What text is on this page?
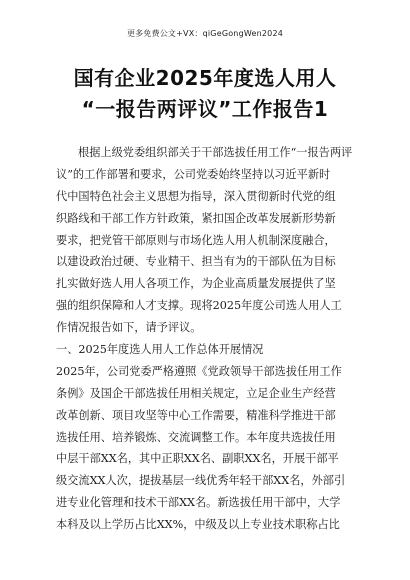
更多免费公文+VX：qiGeGongWen2024
国有企业2025年度选人用人
“一报告两评议”工作报告1
根据上级党委组织部关于干部选拔任用工作“一报告两评
议”的工作部署和要求，公司党委始终坚持以习近平新时
代中国特色社会主义思想为指导，深入贯彻新时代党的组
织路线和干部工作方针政策，紧扣国企改革发展新形势新
要求，把党管干部原则与市场化选人用人机制深度融合，
以建设政治过硬、专业精干、担当有为的干部队伍为目标
扎实做好选人用人各项工作，为企业高质量发展提供了坚
强的组织保障和人才支撑。现将2025年度公司选人用人工
作情况报告如下，请予评议。
一、2025年度选人用人工作总体开展情况
2025年，公司党委严格遵照《党政领导干部选拔任用工作
条例》及国企干部选拔任用相关规定，立足企业生产经营
改革创新、项目攻坚等中心工作需要，精准科学推进干部
选拔任用、培养锻炼、交流调整工作。本年度共选拔任用
中层干部XX名，其中正职XX名、副职XX名，开展干部平
级交流XX人次，提拔基层一线优秀年轻干部XX名，外部引
进专业化管理和技术干部XX名。新选拔任用干部中，大学
本科及以上学历占比XX%，中级及以上专业技术职称占比
